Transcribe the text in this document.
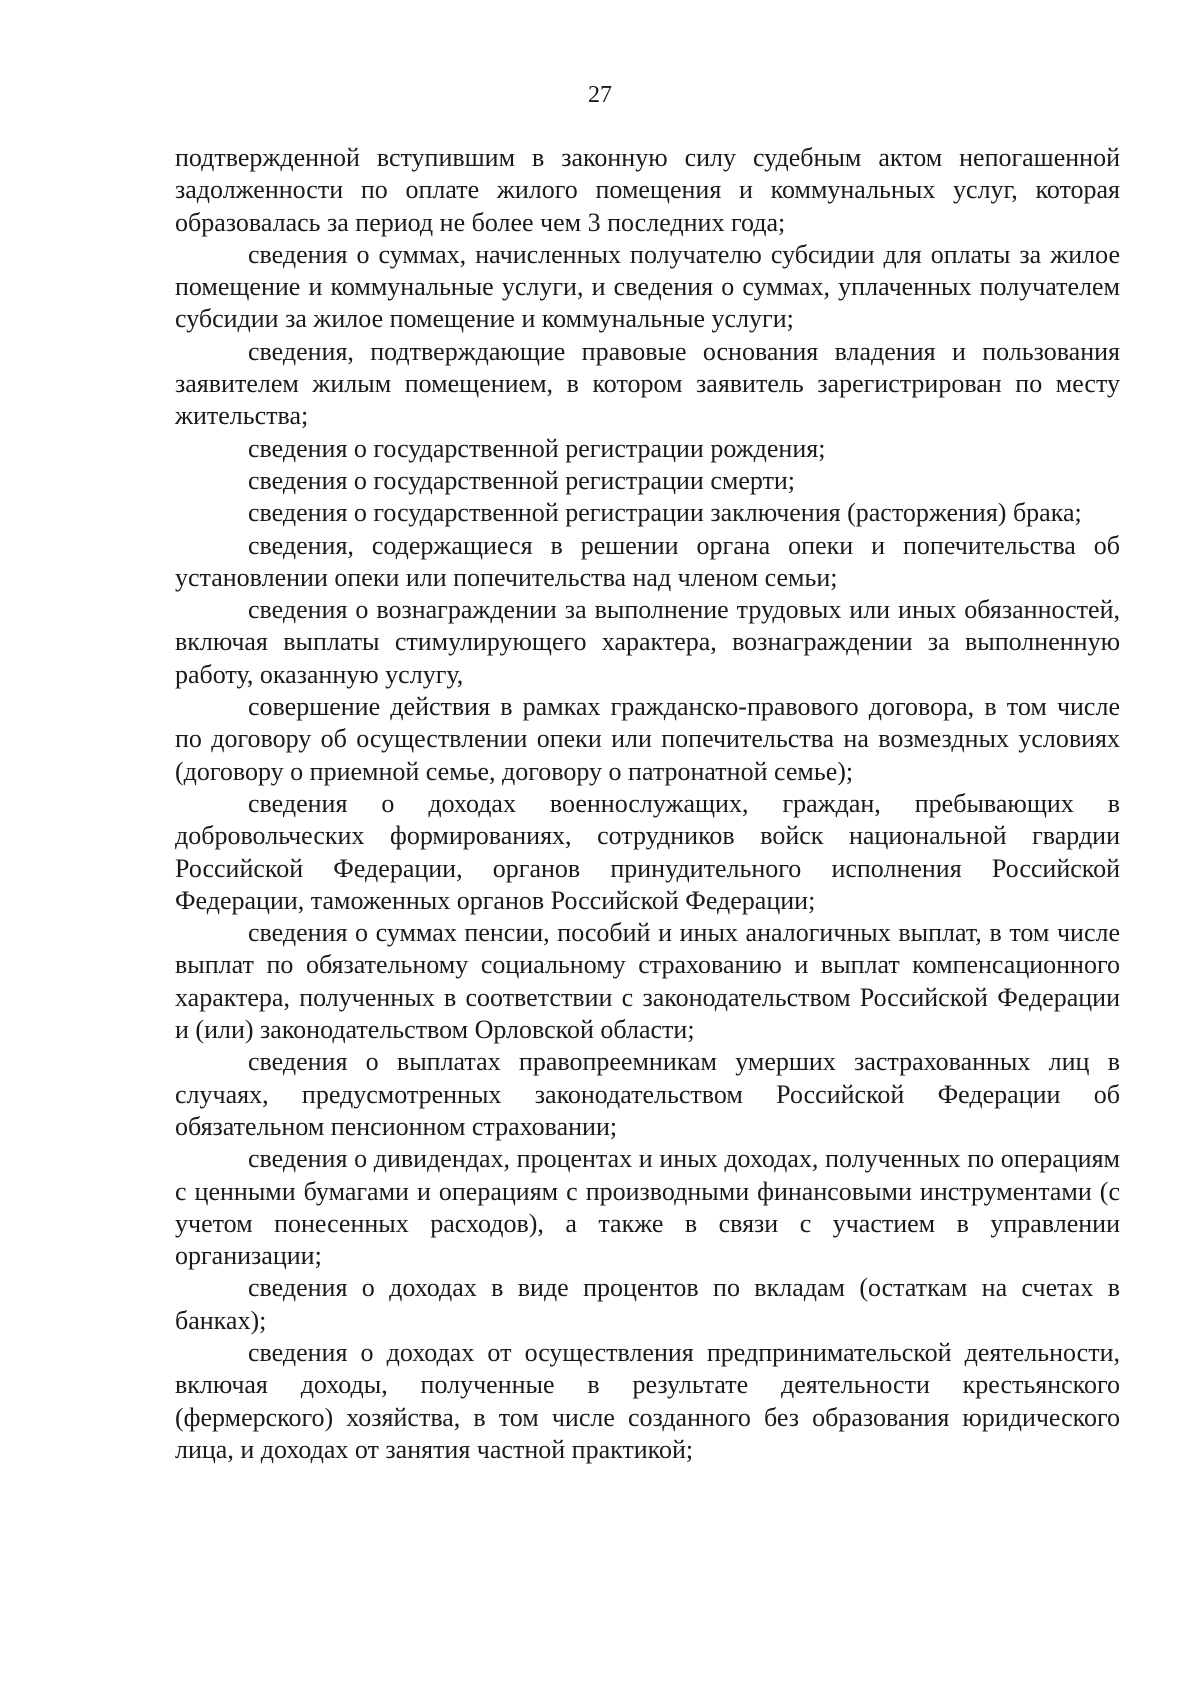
27

подтвержденной вступившим в законную силу судебным актом непогашенной задолженности по оплате жилого помещения и коммунальных услуг, которая образовалась за период не более чем 3 последних года;

сведения о суммах, начисленных получателю субсидии для оплаты за жилое помещение и коммунальные услуги, и сведения о суммах, уплаченных получателем субсидии за жилое помещение и коммунальные услуги;

сведения, подтверждающие правовые основания владения и пользования заявителем жилым помещением, в котором заявитель зарегистрирован по месту жительства;

сведения о государственной регистрации рождения;

сведения о государственной регистрации смерти;

сведения о государственной регистрации заключения (расторжения) брака;

сведения, содержащиеся в решении органа опеки и попечительства об установлении опеки или попечительства над членом семьи;

сведения о вознаграждении за выполнение трудовых или иных обязанностей, включая выплаты стимулирующего характера, вознаграждении за выполненную работу, оказанную услугу,

совершение действия в рамках гражданско-правового договора, в том числе по договору об осуществлении опеки или попечительства на возмездных условиях (договору о приемной семье, договору о патронатной семье);

сведения о доходах военнослужащих, граждан, пребывающих в добровольческих формированиях, сотрудников войск национальной гвардии Российской Федерации, органов принудительного исполнения Российской Федерации, таможенных органов Российской Федерации;

сведения о суммах пенсии, пособий и иных аналогичных выплат, в том числе выплат по обязательному социальному страхованию и выплат компенсационного характера, полученных в соответствии с законодательством Российской Федерации и (или) законодательством Орловской области;

сведения о выплатах правопреемникам умерших застрахованных лиц в случаях, предусмотренных законодательством Российской Федерации об обязательном пенсионном страховании;

сведения о дивидендах, процентах и иных доходах, полученных по операциям с ценными бумагами и операциям с производными финансовыми инструментами (с учетом понесенных расходов), а также в связи с участием в управлении организации;

сведения о доходах в виде процентов по вкладам (остаткам на счетах в банках);

сведения о доходах от осуществления предпринимательской деятельности, включая доходы, полученные в результате деятельности крестьянского (фермерского) хозяйства, в том числе созданного без образования юридического лица, и доходах от занятия частной практикой;
